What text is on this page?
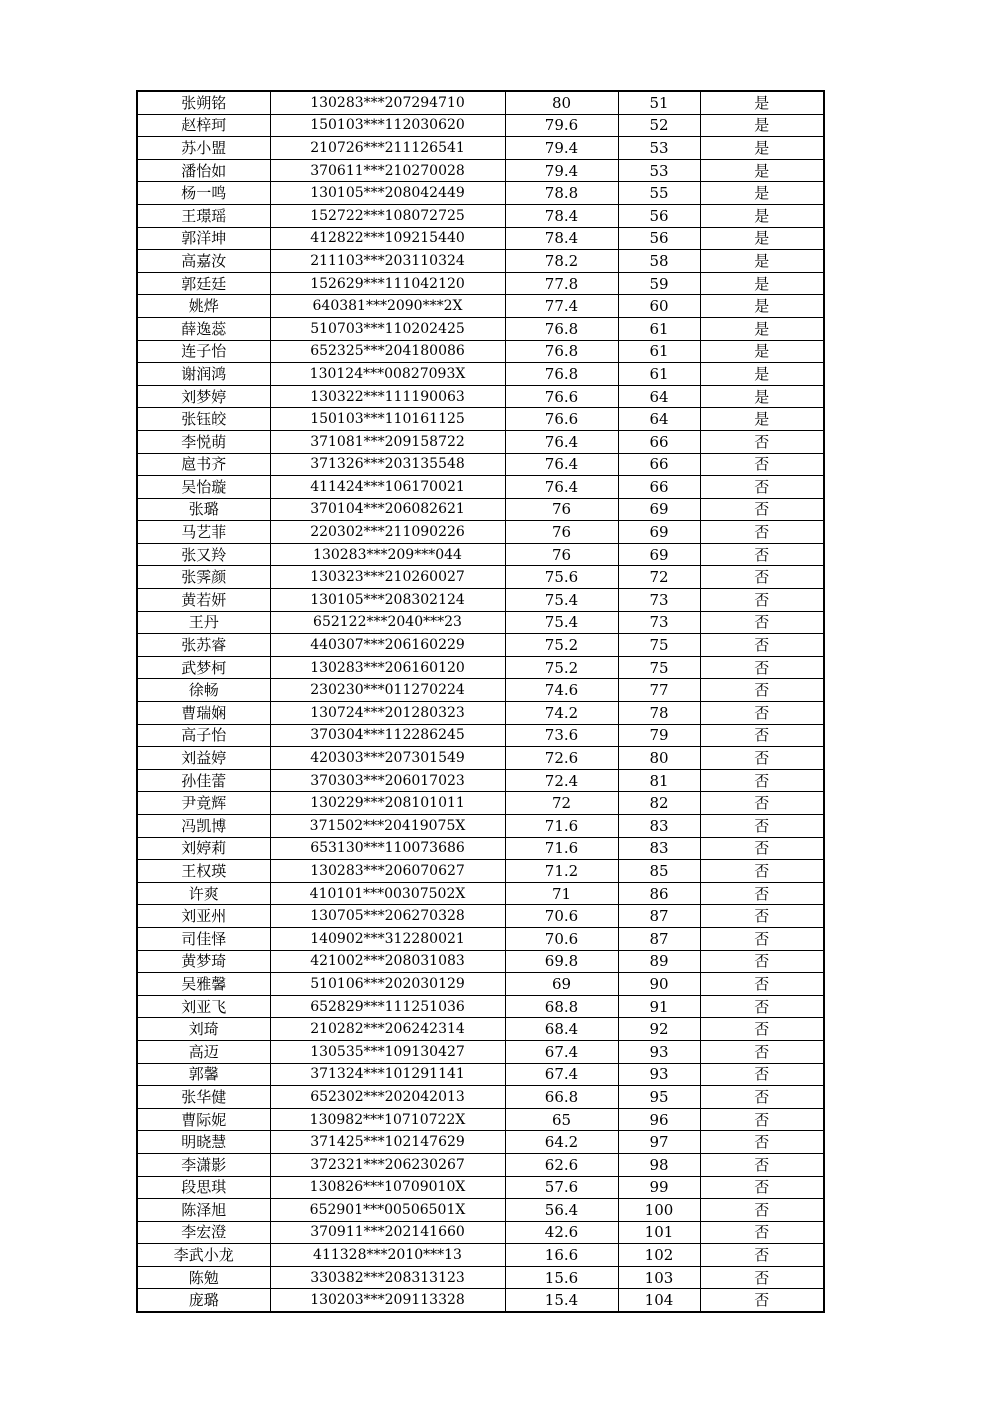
张朔铭	130283***207294710	80	51	是
赵梓珂	150103***112030620	79.6	52	是
苏小盟	210726***211126541	79.4	53	是
潘怡如	370611***210270028	79.4	53	是
杨一鸣	130105***208042449	78.8	55	是
王璟瑶	152722***108072725	78.4	56	是
郭洋坤	412822***109215440	78.4	56	是
高嘉汝	211103***203110324	78.2	58	是
郭廷廷	152629***111042120	77.8	59	是
姚烨	640381***2090***2X	77.4	60	是
薛逸蕊	510703***110202425	76.8	61	是
连子怡	652325***204180086	76.8	61	是
谢润鸿	130124***00827093X	76.8	61	是
刘梦婷	130322***111190063	76.6	64	是
张钰皎	150103***110161125	76.6	64	是
李悦萌	371081***209158722	76.4	66	否
扈书齐	371326***203135548	76.4	66	否
吴怡璇	411424***106170021	76.4	66	否
张璐	370104***206082621	76	69	否
马艺菲	220302***211090226	76	69	否
张又羚	130283***209***044	76	69	否
张霁颜	130323***210260027	75.6	72	否
黄若妍	130105***208302124	75.4	73	否
王丹	652122***2040***23	75.4	73	否
张苏睿	440307***206160229	75.2	75	否
武梦柯	130283***206160120	75.2	75	否
徐畅	230230***011270224	74.6	77	否
曹瑞娴	130724***201280323	74.2	78	否
高子怡	370304***112286245	73.6	79	否
刘益婷	420303***207301549	72.6	80	否
孙佳蕾	370303***206017023	72.4	81	否
尹竟辉	130229***208101011	72	82	否
冯凯博	371502***20419075X	71.6	83	否
刘婷莉	653130***110073686	71.6	83	否
王权瑛	130283***206070627	71.2	85	否
许爽	410101***00307502X	71	86	否
刘亚州	130705***206270328	70.6	87	否
司佳怿	140902***312280021	70.6	87	否
黄梦琦	421002***208031083	69.8	89	否
吴雅馨	510106***202030129	69	90	否
刘亚飞	652829***111251036	68.8	91	否
刘琦	210282***206242314	68.4	92	否
高迈	130535***109130427	67.4	93	否
郭馨	371324***101291141	67.4	93	否
张华健	652302***202042013	66.8	95	否
曹际妮	130982***10710722X	65	96	否
明晓慧	371425***102147629	64.2	97	否
李潇影	372321***206230267	62.6	98	否
段思琪	130826***10709010X	57.6	99	否
陈泽旭	652901***00506501X	56.4	100	否
李宏澄	370911***202141660	42.6	101	否
李武小龙	411328***2010***13	16.6	102	否
陈勉	330382***208313123	15.6	103	否
庞璐	130203***209113328	15.4	104	否
